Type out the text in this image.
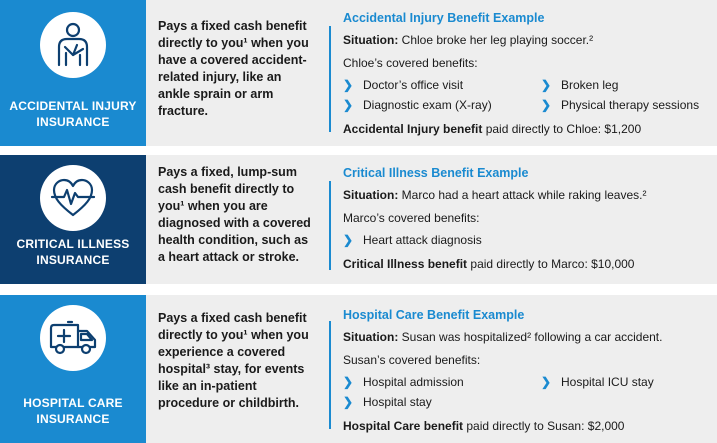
ACCIDENTAL INJURY INSURANCE
Pays a fixed cash benefit directly to you¹ when you have a covered accident-related injury, like an ankle sprain or arm fracture.
Accidental Injury Benefit Example
Situation: Chloe broke her leg playing soccer.²
Chloe’s covered benefits:
❯ Doctor’s office visit	❯ Broken leg
❯ Diagnostic exam (X-ray)	❯ Physical therapy sessions
Accidental Injury benefit paid directly to Chloe: $1,200
CRITICAL ILLNESS INSURANCE
Pays a fixed, lump-sum cash benefit directly to you¹ when you are diagnosed with a covered health condition, such as a heart attack or stroke.
Critical Illness Benefit Example
Situation: Marco had a heart attack while raking leaves.²
Marco’s covered benefits:
❯ Heart attack diagnosis
Critical Illness benefit paid directly to Marco: $10,000
HOSPITAL CARE INSURANCE
Pays a fixed cash benefit directly to you¹ when you experience a covered hospital³ stay, for events like an in-patient procedure or childbirth.
Hospital Care Benefit Example
Situation: Susan was hospitalized² following a car accident.
Susan’s covered benefits:
❯ Hospital admission	❯ Hospital ICU stay
❯ Hospital stay
Hospital Care benefit paid directly to Susan: $2,000
